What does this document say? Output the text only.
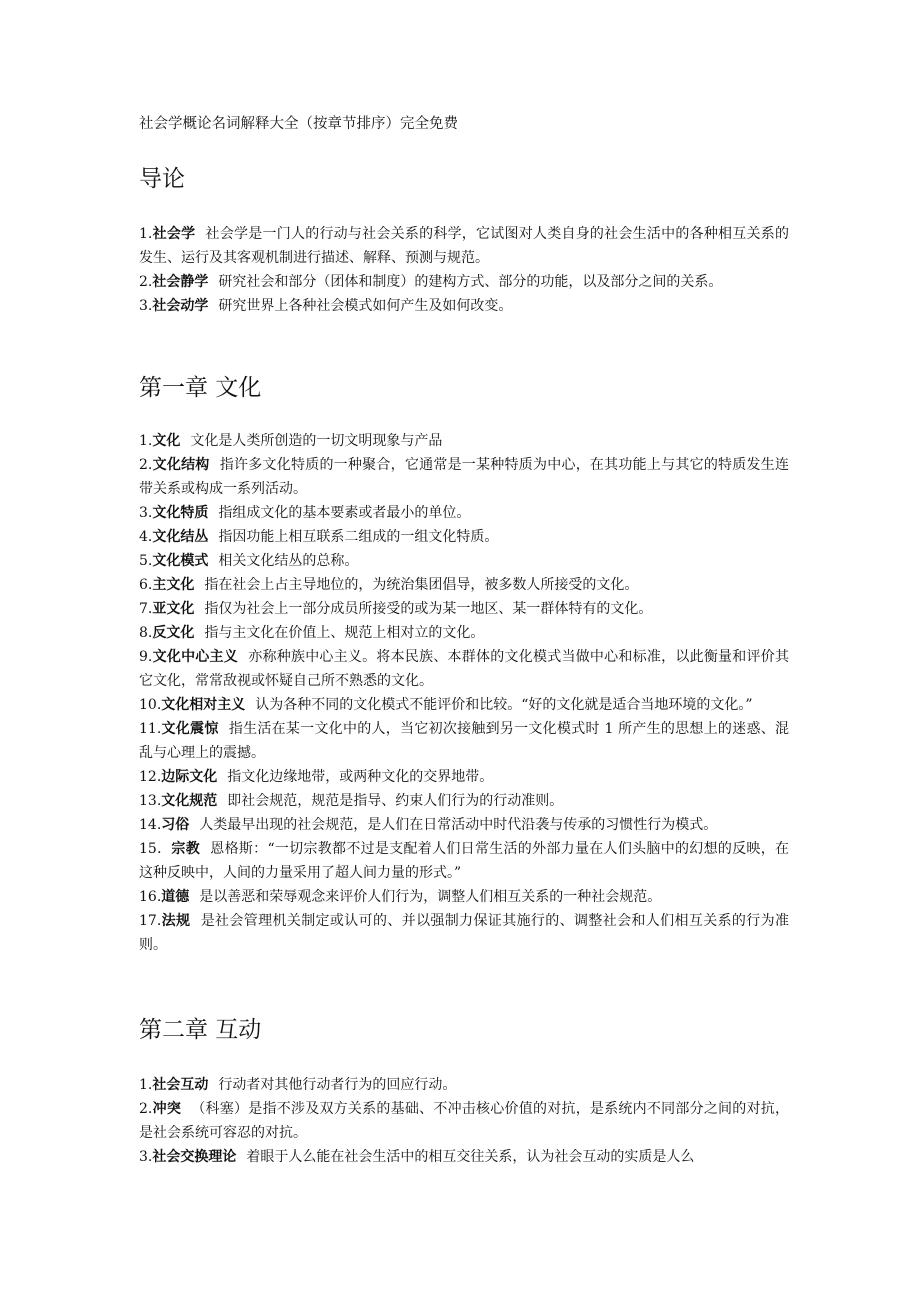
社会学概论名词解释大全（按章节排序）完全免费
导论
1.社会学 社会学是一门人的行动与社会关系的科学，它试图对人类自身的社会生活中的各种相互关系的发生、运行及其客观机制进行描述、解释、预测与规范。
2.社会静学 研究社会和部分（团体和制度）的建构方式、部分的功能，以及部分之间的关系。
3.社会动学 研究世界上各种社会模式如何产生及如何改变。
第一章 文化
1.文化 文化是人类所创造的一切文明现象与产品
2.文化结构 指许多文化特质的一种聚合，它通常是一某种特质为中心，在其功能上与其它的特质发生连带关系或构成一系列活动。
3.文化特质 指组成文化的基本要素或者最小的单位。
4.文化结丛 指因功能上相互联系二组成的一组文化特质。
5.文化模式 相关文化结丛的总称。
6.主文化 指在社会上占主导地位的，为统治集团倡导，被多数人所接受的文化。
7.亚文化 指仅为社会上一部分成员所接受的或为某一地区、某一群体特有的文化。
8.反文化 指与主文化在价值上、规范上相对立的文化。
9.文化中心主义 亦称种族中心主义。将本民族、本群体的文化模式当做中心和标准，以此衡量和评价其它文化，常常敌视或怀疑自己所不熟悉的文化。
10.文化相对主义 认为各种不同的文化模式不能评价和比较。“好的文化就是适合当地环境的文化。”
11.文化震惊 指生活在某一文化中的人，当它初次接触到另一文化模式时 1 所产生的思想上的迷惑、混乱与心理上的震撼。
12.边际文化 指文化边缘地带，或两种文化的交界地带。
13.文化规范 即社会规范，规范是指导、约束人们行为的行动准则。
14.习俗 人类最早出现的社会规范，是人们在日常活动中时代沿袭与传承的习惯性行为模式。
15．宗教 恩格斯：“一切宗教都不过是支配着人们日常生活的外部力量在人们头脑中的幻想的反映，在这种反映中，人间的力量采用了超人间力量的形式。”
16.道德 是以善恶和荣辱观念来评价人们行为，调整人们相互关系的一种社会规范。
17.法规 是社会管理机关制定或认可的、并以强制力保证其施行的、调整社会和人们相互关系的行为准则。
第二章 互动
1.社会互动 行动者对其他行动者行为的回应行动。
2.冲突 （科塞）是指不涉及双方关系的基础、不冲击核心价值的对抗，是系统内不同部分之间的对抗，是社会系统可容忍的对抗。
3.社会交换理论 着眼于人么能在社会生活中的相互交往关系，认为社会互动的实质是人么
